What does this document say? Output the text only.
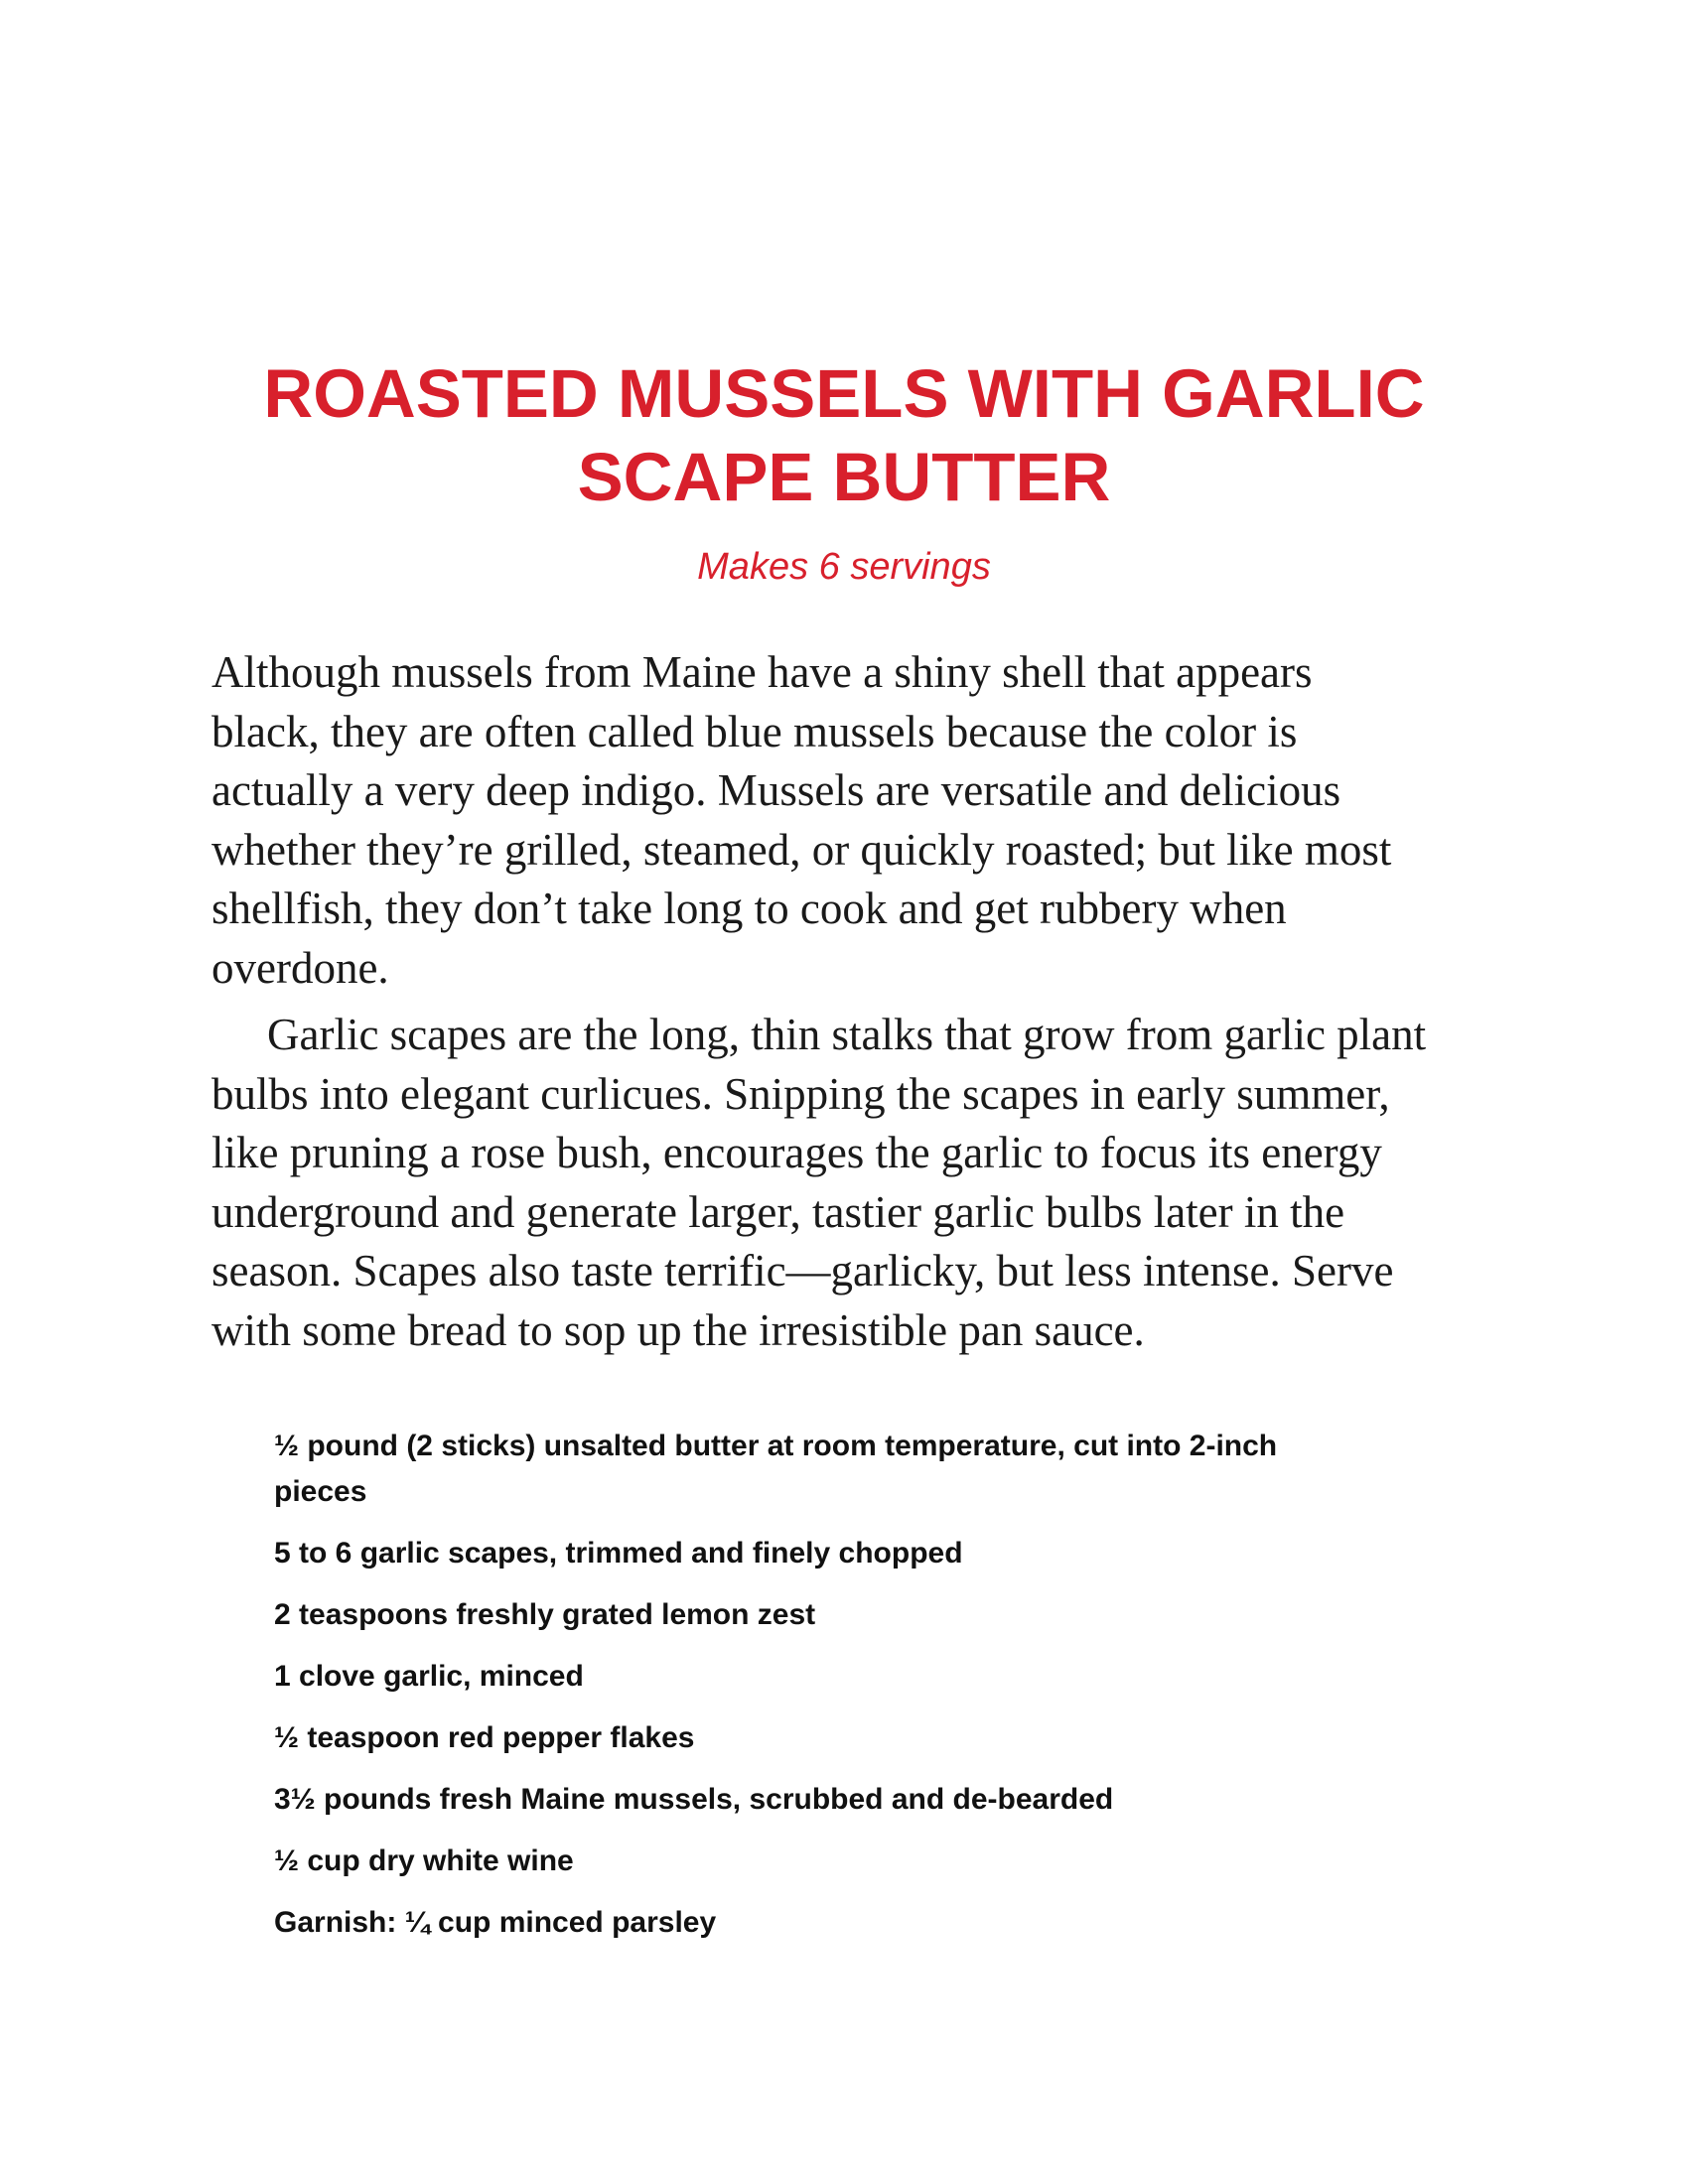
ROASTED MUSSELS WITH GARLIC
SCAPE BUTTER
Makes 6 servings

Although mussels from Maine have a shiny shell that appears
black, they are often called blue mussels because the color is
actually a very deep indigo. Mussels are versatile and delicious
whether they’re grilled, steamed, or quickly roasted; but like most
shellfish, they don’t take long to cook and get rubbery when
overdone.

Garlic scapes are the long, thin stalks that grow from garlic plant
bulbs into elegant curlicues. Snipping the scapes in early summer,
like pruning a rose bush, encourages the garlic to focus its energy
underground and generate larger, tastier garlic bulbs later in the
season. Scapes also taste terrific—garlicky, but less intense. Serve
with some bread to sop up the irresistible pan sauce.

½ pound (2 sticks) unsalted butter at room temperature, cut into 2-inch
pieces
5 to 6 garlic scapes, trimmed and finely chopped
2 teaspoons freshly grated lemon zest
1 clove garlic, minced
½ teaspoon red pepper flakes
3½ pounds fresh Maine mussels, scrubbed and de-bearded
½ cup dry white wine
Garnish: ¼ cup minced parsley
